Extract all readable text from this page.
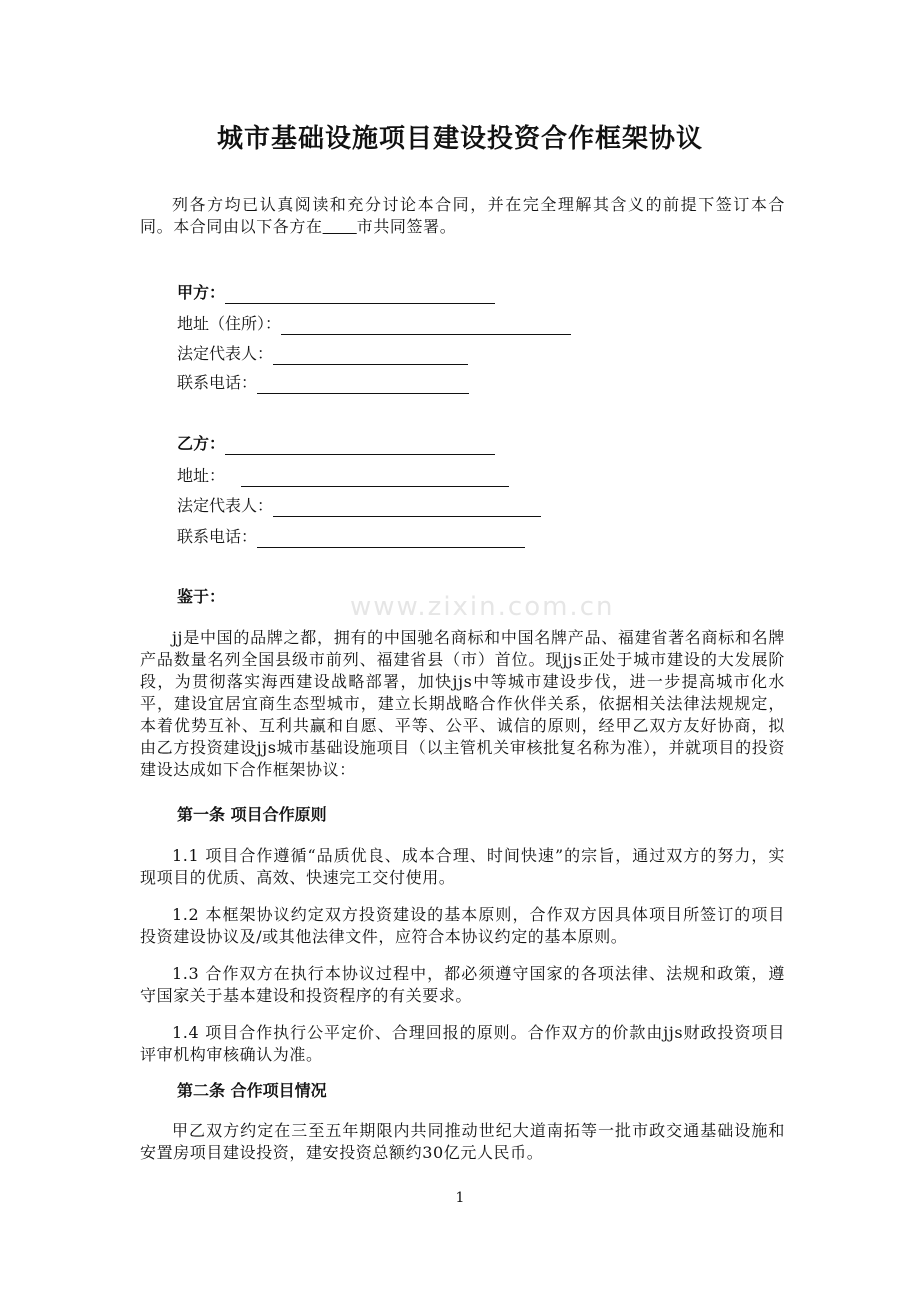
www.zixin.com.cn
城市基础设施项目建设投资合作框架协议

列各方均已认真阅读和充分讨论本合同，并在完全理解其含义的前提下签订本合同。本合同由以下各方在 市共同签署。

甲方：
地址（住所）：
法定代表人：
联系电话：
乙方：
地址：
法定代表人：
联系电话：
鉴于：

jj是中国的品牌之都，拥有的中国驰名商标和中国名牌产品、福建省著名商标和名牌产品数量名列全国县级市前列、福建省县（市）首位。现jjs正处于城市建设的大发展阶段，为贯彻落实海西建设战略部署，加快jjs中等城市建设步伐，进一步提高城市化水平，建设宜居宜商生态型城市，建立长期战略合作伙伴关系，依据相关法律法规规定，本着优势互补、互利共赢和自愿、平等、公平、诚信的原则，经甲乙双方友好协商，拟由乙方投资建设jjs城市基础设施项目（以主管机关审核批复名称为准），并就项目的投资建设达成如下合作框架协议：

第一条 项目合作原则

1.1 项目合作遵循“品质优良、成本合理、时间快速”的宗旨，通过双方的努力，实现项目的优质、高效、快速完工交付使用。

1.2 本框架协议约定双方投资建设的基本原则，合作双方因具体项目所签订的项目投资建设协议及/或其他法律文件，应符合本协议约定的基本原则。

1.3 合作双方在执行本协议过程中，都必须遵守国家的各项法律、法规和政策，遵守国家关于基本建设和投资程序的有关要求。

1.4 项目合作执行公平定价、合理回报的原则。合作双方的价款由jjs财政投资项目评审机构审核确认为准。

第二条 合作项目情况

甲乙双方约定在三至五年期限内共同推动世纪大道南拓等一批市政交通基础设施和安置房项目建设投资，建安投资总额约30亿元人民币。

1
